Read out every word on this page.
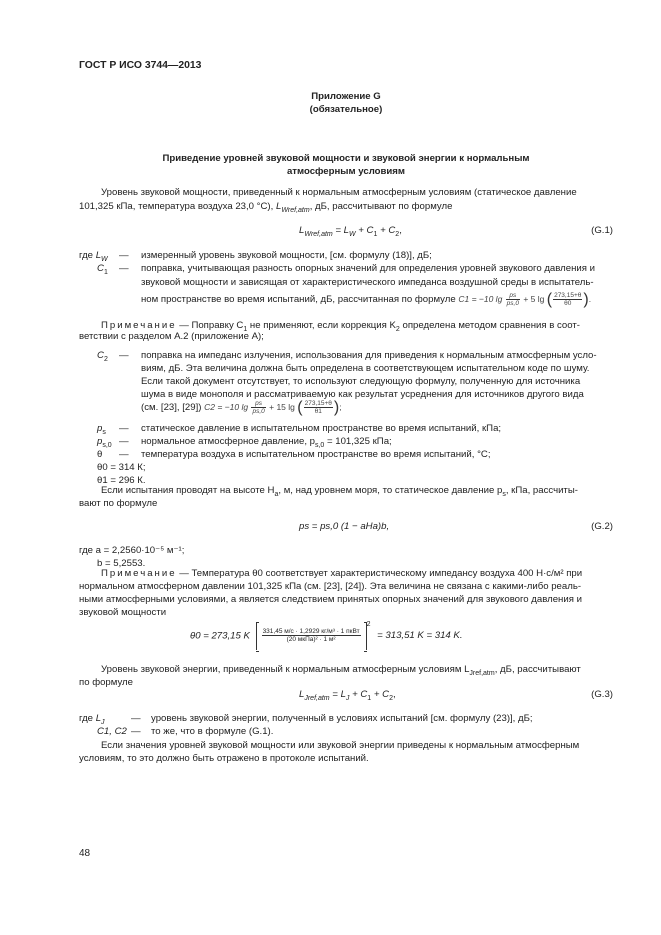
ГОСТ Р ИСО 3744—2013
Приложение G
(обязательное)
Приведение уровней звуковой мощности и звуковой энергии к нормальным
атмосферным условиям
Уровень звуковой мощности, приведенный к нормальным атмосферным условиям (статическое давление
101,325 кПа, температура воздуха 23,0 °С), $L_{Wref,atm}$, дБ, рассчитывают по формуле
$L_{Wref,atm} = L_W + C_1 + C_2$,	(G.1)
где $L_W$	— измеренный уровень звуковой мощности, [см. формулу (18)], дБ;
$C_1$	— поправка, учитывающая разность опорных значений для определения уровней звукового давления и
звуковой мощности и зависящая от характеристического импеданса воздушной среды в испытатель-
ном пространстве во время испытаний, дБ, рассчитанная по формуле C1 = −10 $\lg \frac{ps}{ps,0} + 5$ lg ( $\frac{273,15+\theta}{\theta 0}$ ).
Примечание — Поправку $C_1$ не применяют, если коррекция $K_2$ определена методом сравнения в соот-
ветствии с разделом А.2 (приложение А);
$C_2$	— поправка на импеданс излучения, использования для приведения к нормальным атмосферным усло-
виям, дБ. Эта величина должна быть определена в соответствующем испытательном коде по шуму.
Если такой документ отсутствует, то используют следующую формулу, полученную для источника
шума в виде монополя и рассматриваемую как результат усреднения для источников другого вида
(см. [23], [29]) C2 = −10 $\lg \frac{ps}{ps,0} + 15$ lg ( $\frac{273,15+\theta}{\theta 1}$ );
$p_s$	— статическое давление в испытательном пространстве во время испытаний, кПа;
$p_{s,0}$ — нормальное атмосферное давление, $p_{s,0} = 101,325$ кПа;
θ	— температура воздуха в испытательном пространстве во время испытаний, °С;
θ0 = 314 К;
θ1 = 296 К.
Если испытания проводят на высоте $H_a$, м, над уровнем моря, то статическое давление $p_s$, кПа, рассчиты-
вают по формуле
ps = ps,0 (1 − aHa)b,	(G.2)
где a = 2,2560·10⁻⁵ м⁻¹;
b = 5,2553.
Примечание — Температура θ0 соответствует характеристическому импедансу воздуха 400 Н·с/м² при
нормальном атмосферном давлении 101,325 кПа (см. [23], [24]). Эта величина не связана с какими-либо реаль-
ными атмосферными условиями, а является следствием принятых опорных значений для звукового давления и
звуковой мощности
θ0 = 273,15 K $\frac{\text{331,45 м/с · 1,2929 кг/м³ · 1 пкВт}}{\text{(20 мкПа)² · 1 м²}}$
$^2$ = 313,51 K = 314 K.
Уровень звуковой энергии, приведенный к нормальным атмосферным условиям $L_{Jref,atm}$, дБ, рассчитывают
по формуле
$L_{Jref,atm} = L_J + C_1 + C_2$,	(G.3)
где $L_J$	— уровень звуковой энергии, полученный в условиях испытаний [см. формулу (23)], дБ;
C1, C2 — то же, что в формуле (G.1).
Если значения уровней звуковой мощности или звуковой энергии приведены к нормальным атмосферным
условиям, то это должно быть отражено в протоколе испытаний.
48
